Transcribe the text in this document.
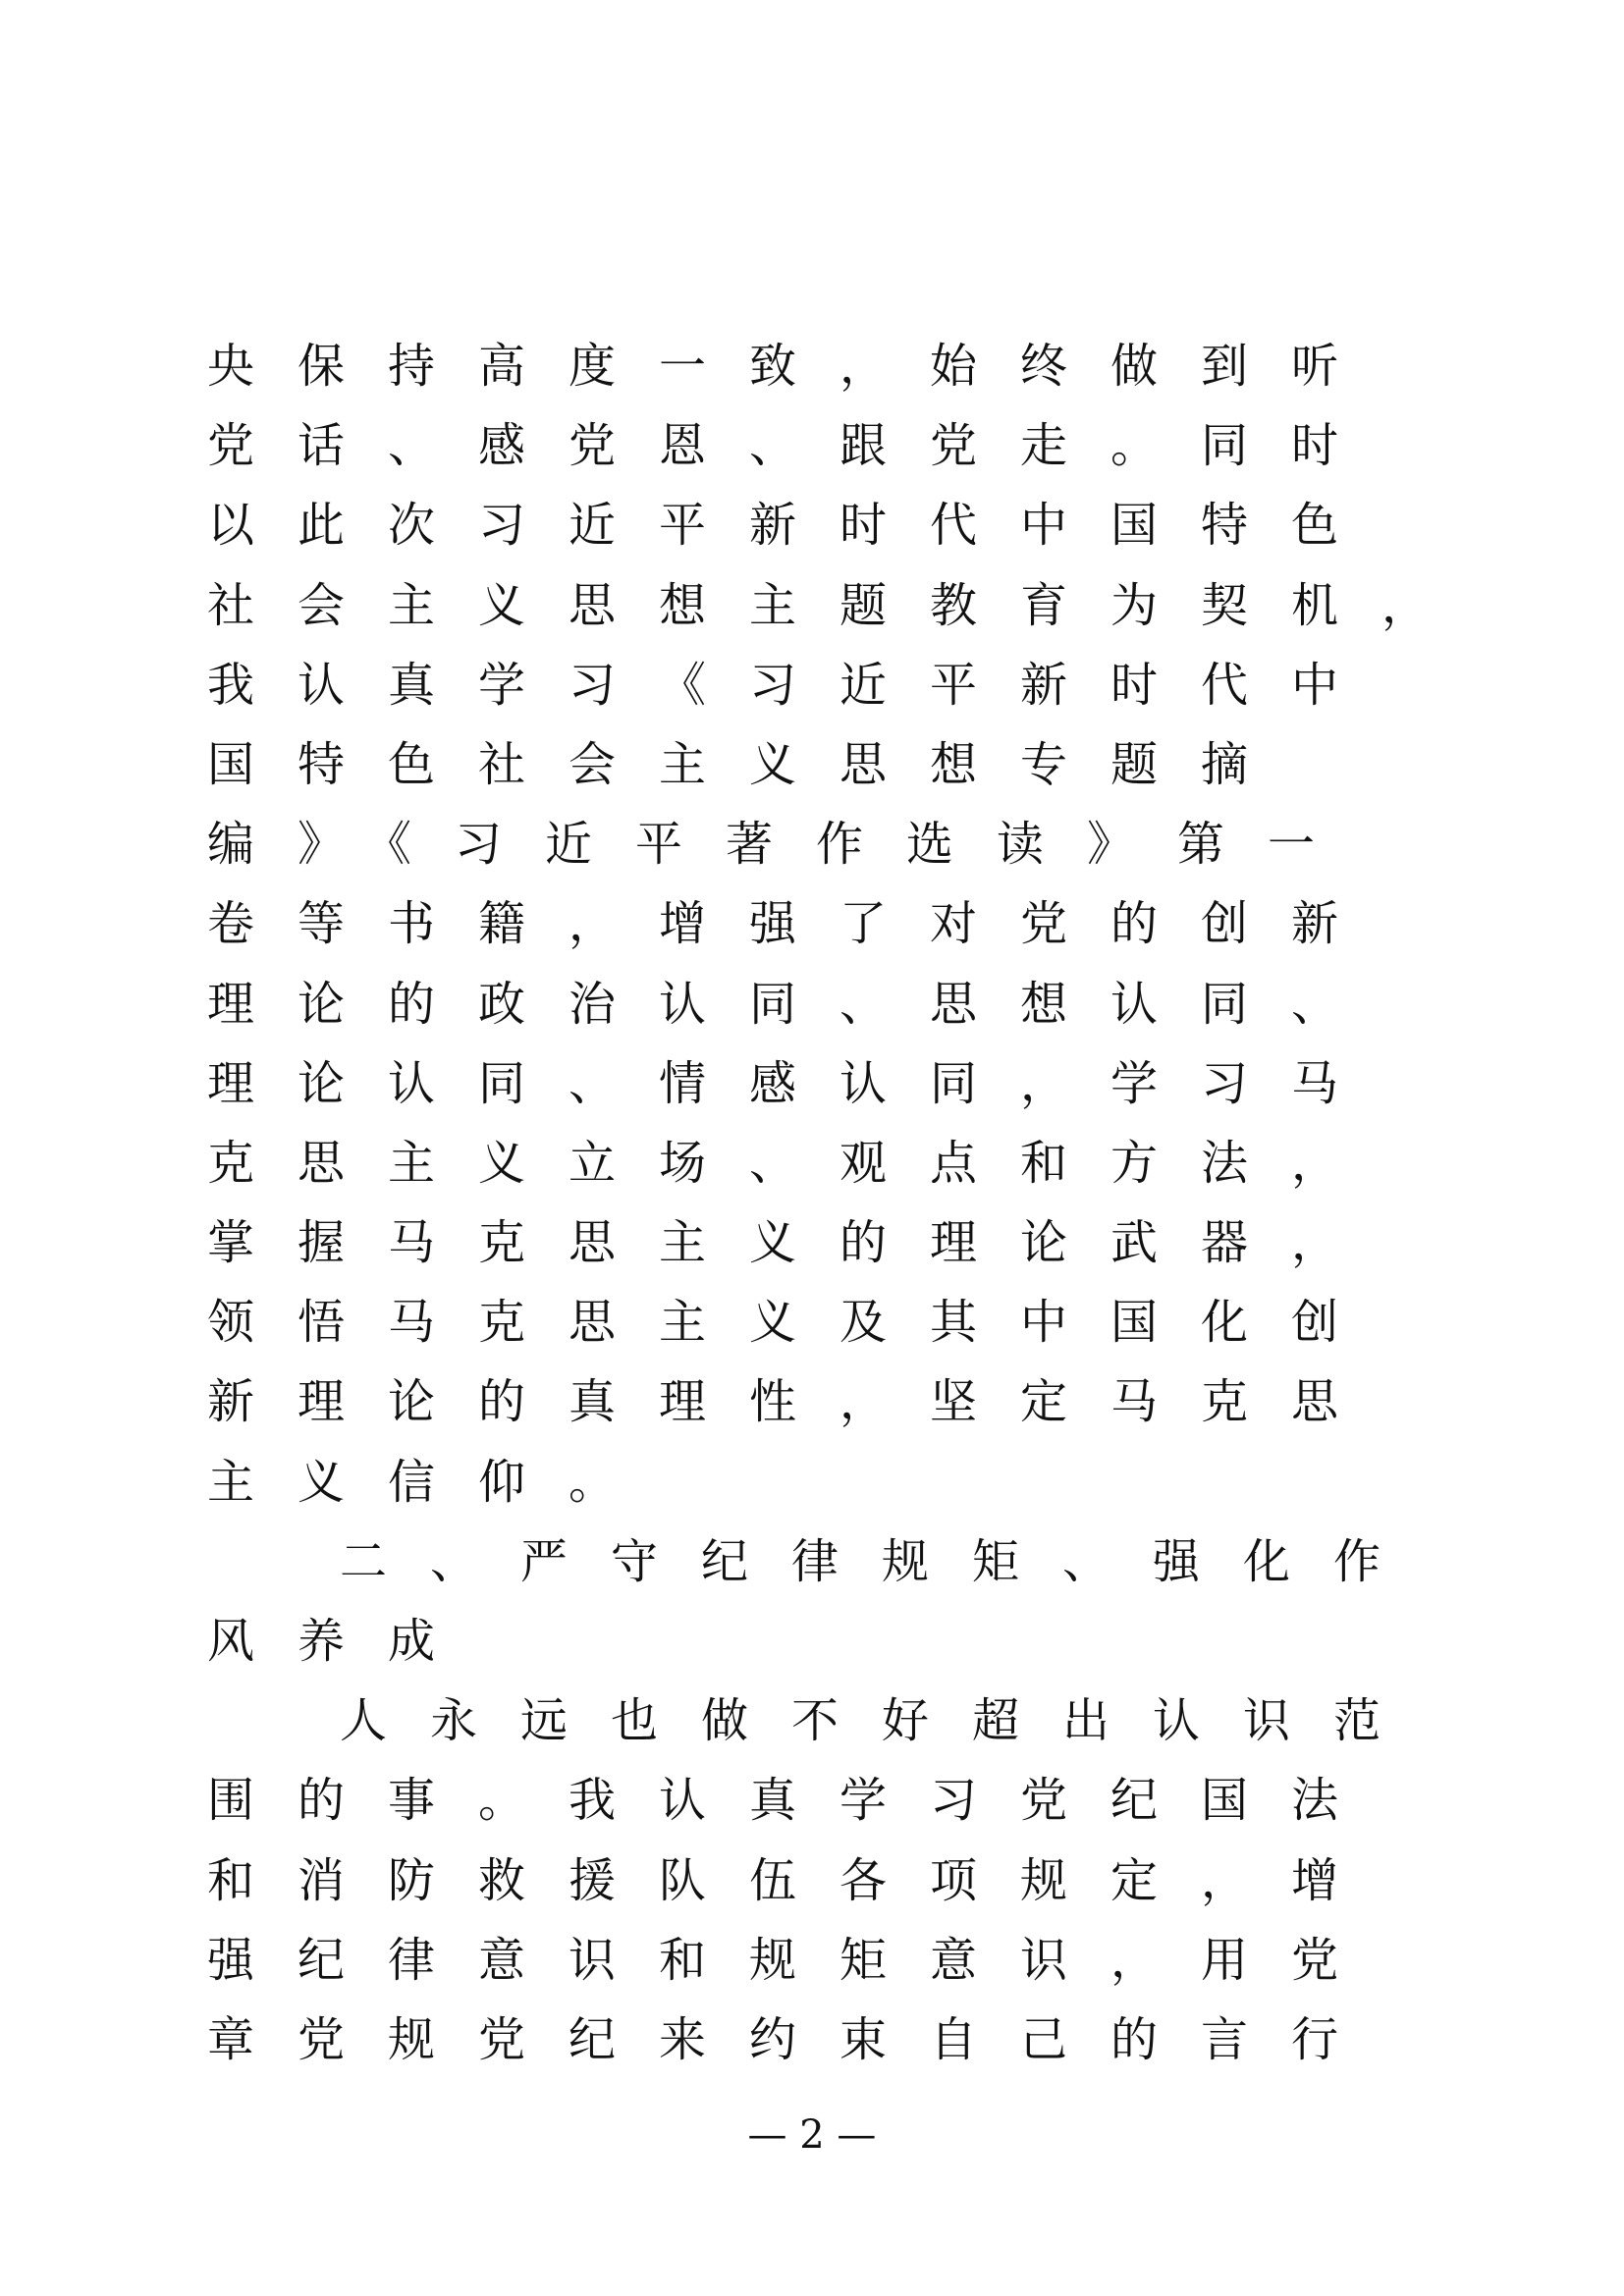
央保持高度一致，始终做到听
党话、感党恩、跟党走。同时
以此次习近平新时代中国特色
社会主义思想主题教育为契机，
我认真学习《习近平新时代中
国特色社会主义思想专题摘
编》《习近平著作选读》第一
卷等书籍，增强了对党的创新
理论的政治认同、思想认同、
理论认同、情感认同，学习马
克思主义立场、观点和方法，
掌握马克思主义的理论武器，
领悟马克思主义及其中国化创
新理论的真理性，坚定马克思
主义信仰。
二、严守纪律规矩、强化作
风养成
人永远也做不好超出认识范
围的事。我认真学习党纪国法
和消防救援队伍各项规定，增
强纪律意识和规矩意识，用党
章党规党纪来约束自己的言行
— 2 —
